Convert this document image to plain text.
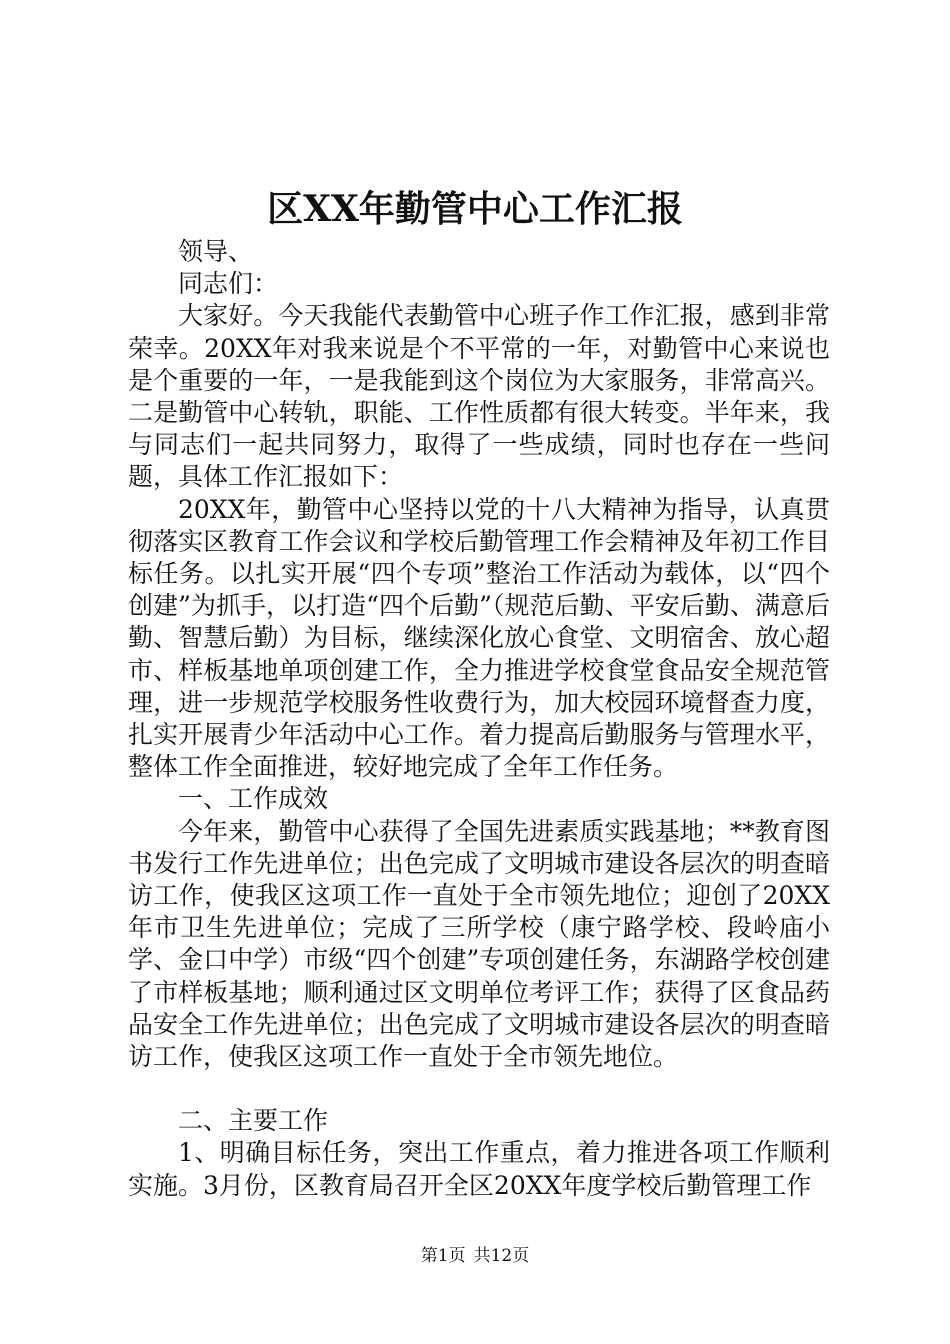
区XX年勤管中心工作汇报

领导、

同志们：

大家好。今天我能代表勤管中心班子作工作汇报，感到非常荣幸。20XX年对我来说是个不平常的一年，对勤管中心来说也是个重要的一年，一是我能到这个岗位为大家服务，非常高兴。二是勤管中心转轨，职能、工作性质都有很大转变。半年来，我与同志们一起共同努力，取得了一些成绩，同时也存在一些问题，具体工作汇报如下：

20XX年，勤管中心坚持以党的十八大精神为指导，认真贯彻落实区教育工作会议和学校后勤管理工作会精神及年初工作目标任务。以扎实开展“四个专项”整治工作活动为载体，以“四个创建”为抓手，以打造“四个后勤”（规范后勤、平安后勤、满意后勤、智慧后勤）为目标，继续深化放心食堂、文明宿舍、放心超市、样板基地单项创建工作，全力推进学校食堂食品安全规范管理，进一步规范学校服务性收费行为，加大校园环境督查力度，扎实开展青少年活动中心工作。着力提高后勤服务与管理水平，整体工作全面推进，较好地完成了全年工作任务。

一、工作成效

今年来，勤管中心获得了全国先进素质实践基地；**教育图书发行工作先进单位；出色完成了文明城市建设各层次的明查暗访工作，使我区这项工作一直处于全市领先地位；迎创了20XX年市卫生先进单位；完成了三所学校（康宁路学校、段岭庙小学、金口中学）市级“四个创建”专项创建任务，东湖路学校创建了市样板基地；顺利通过区文明单位考评工作；获得了区食品药品安全工作先进单位；出色完成了文明城市建设各层次的明查暗访工作，使我区这项工作一直处于全市领先地位。

二、主要工作

1、明确目标任务，突出工作重点，着力推进各项工作顺利实施。3月份，区教育局召开全区20XX年度学校后勤管理工作

第1页 共12页
